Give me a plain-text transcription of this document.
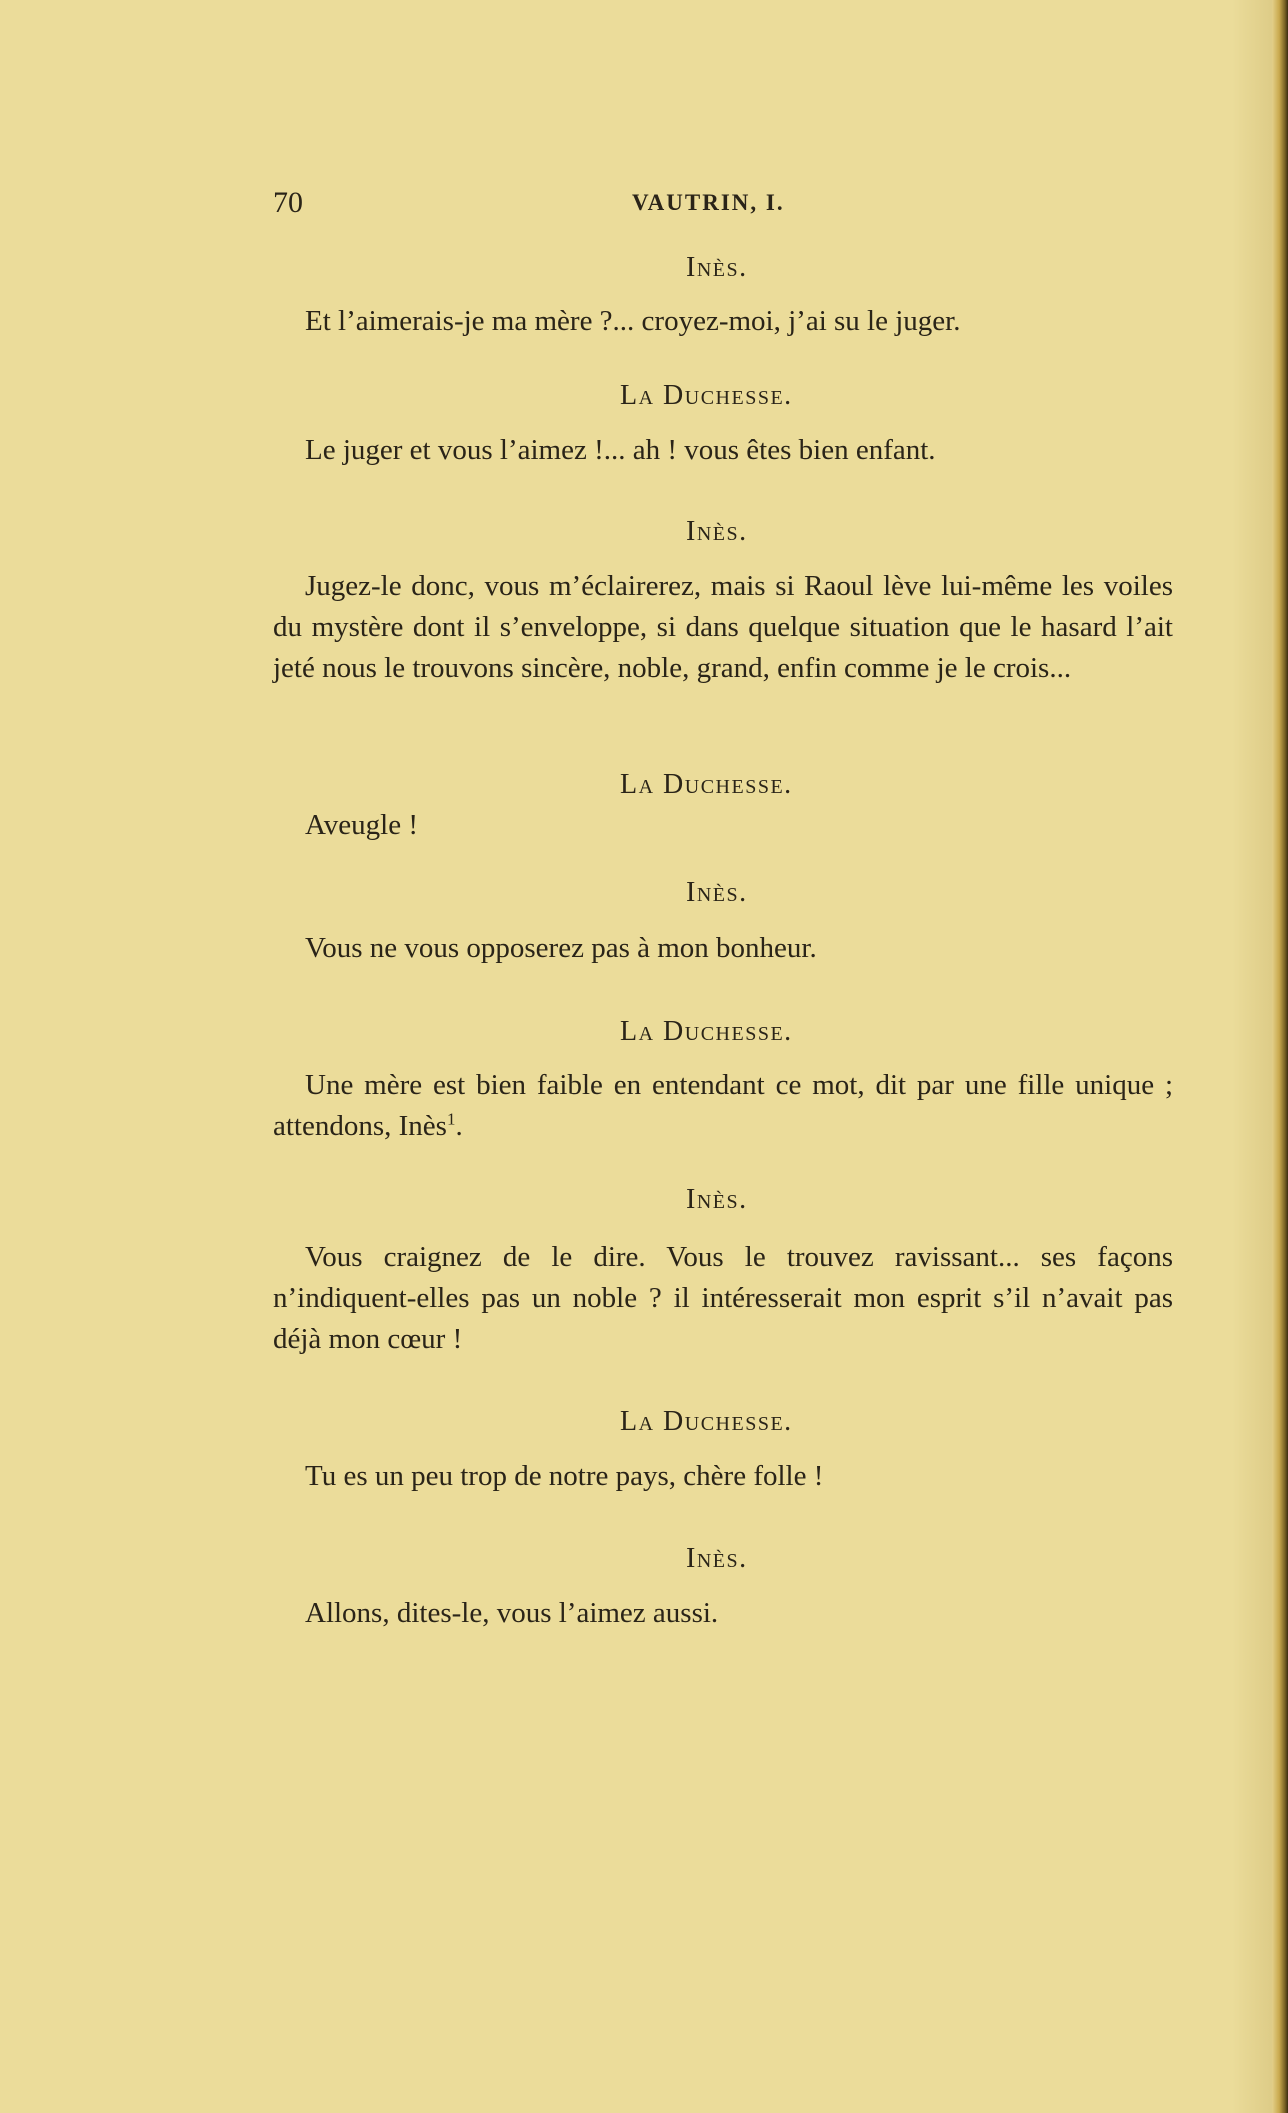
70	VAUTRIN, I.
Inès.

Et l’aimerais-je ma mère ?... croyez-moi, j’ai su le juger.

La Duchesse.

Le juger et vous l’aimez !... ah ! vous êtes bien enfant.

Inès.

Jugez-le donc, vous m’éclairerez, mais si Raoul lève lui-même les voiles du mystère dont il s’enveloppe, si dans quelque situation que le hasard l’ait jeté nous le trouvons sincère, noble, grand, enfin comme je le crois...

La Duchesse.

Aveugle !

Inès.

Vous ne vous opposerez pas à mon bonheur.

La Duchesse.

Une mère est bien faible en entendant ce mot, dit par une fille unique ; attendons, Inès$^1$.

Inès.

Vous craignez de le dire. Vous le trouvez ravissant... ses façons n’indiquent-elles pas un noble ? il intéresserait mon esprit s’il n’avait pas déjà mon cœur !

La Duchesse.

Tu es un peu trop de notre pays, chère folle !

Inès.

Allons, dites-le, vous l’aimez aussi.
